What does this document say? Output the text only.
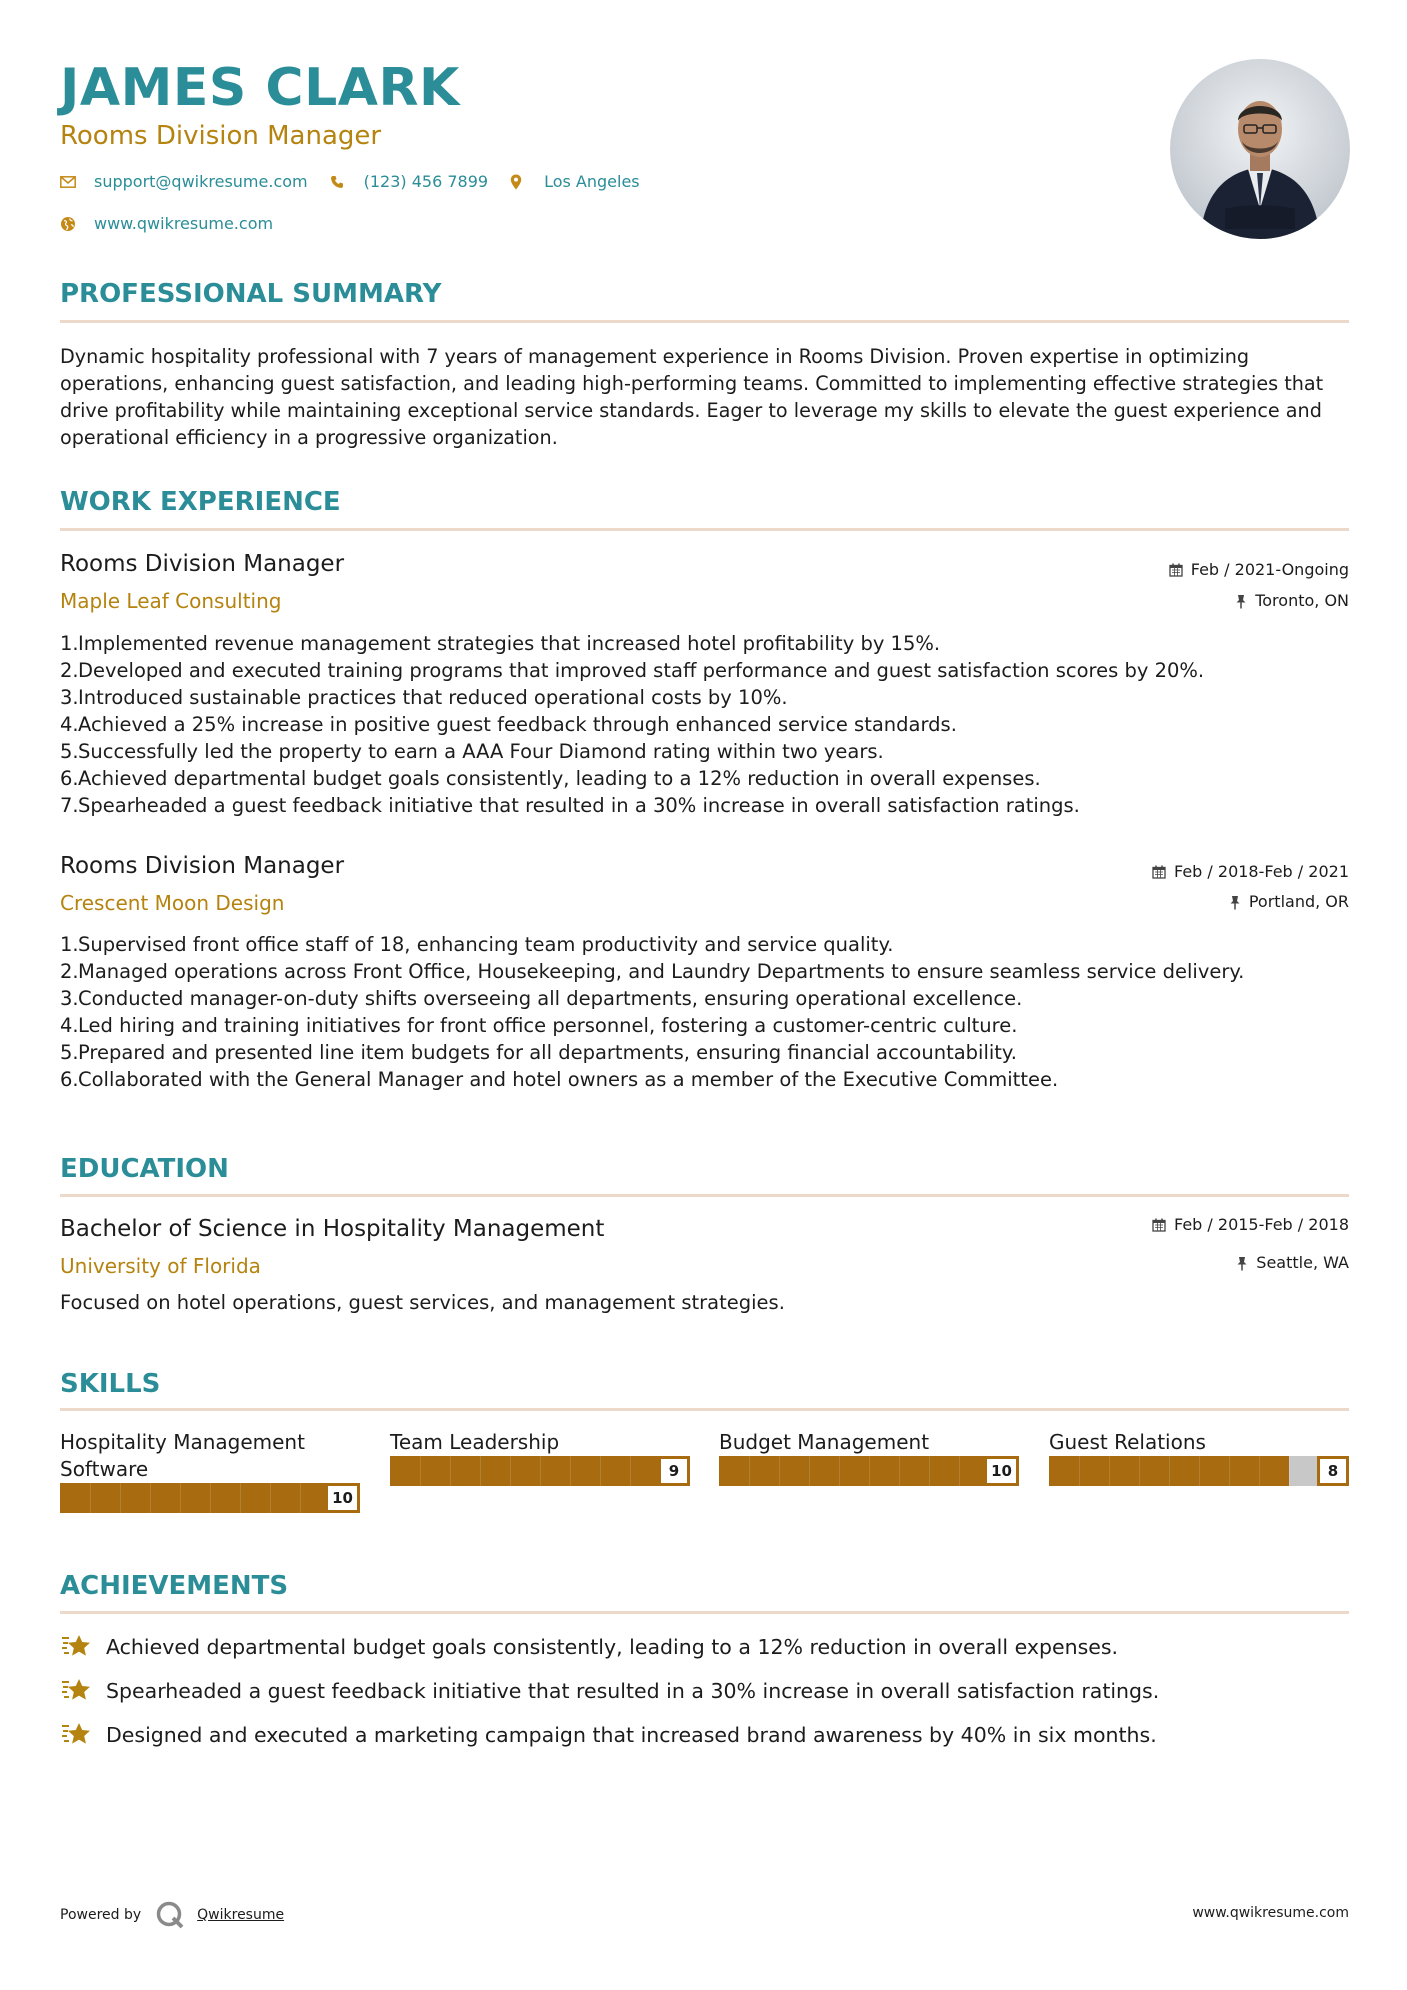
JAMES CLARK
Rooms Division Manager
support@qwikresume.com	(123) 456 7899	Los Angeles
www.qwikresume.com
PROFESSIONAL SUMMARY
Dynamic hospitality professional with 7 years of management experience in Rooms Division. Proven expertise in optimizing operations, enhancing guest satisfaction, and leading high-performing teams. Committed to implementing effective strategies that drive profitability while maintaining exceptional service standards. Eager to leverage my skills to elevate the guest experience and operational efficiency in a progressive organization.
WORK EXPERIENCE
Rooms Division Manager
Maple Leaf Consulting
Feb / 2021-Ongoing
Toronto, ON
1. Implemented revenue management strategies that increased hotel profitability by 15%.
2. Developed and executed training programs that improved staff performance and guest satisfaction scores by 20%.
3. Introduced sustainable practices that reduced operational costs by 10%.
4. Achieved a 25% increase in positive guest feedback through enhanced service standards.
5. Successfully led the property to earn a AAA Four Diamond rating within two years.
6. Achieved departmental budget goals consistently, leading to a 12% reduction in overall expenses.
7. Spearheaded a guest feedback initiative that resulted in a 30% increase in overall satisfaction ratings.
Rooms Division Manager
Crescent Moon Design
Feb / 2018-Feb / 2021
Portland, OR
1. Supervised front office staff of 18, enhancing team productivity and service quality.
2. Managed operations across Front Office, Housekeeping, and Laundry Departments to ensure seamless service delivery.
3. Conducted manager-on-duty shifts overseeing all departments, ensuring operational excellence.
4. Led hiring and training initiatives for front office personnel, fostering a customer-centric culture.
5. Prepared and presented line item budgets for all departments, ensuring financial accountability.
6. Collaborated with the General Manager and hotel owners as a member of the Executive Committee.
EDUCATION
Bachelor of Science in Hospitality Management
University of Florida
Feb / 2015-Feb / 2018
Seattle, WA
Focused on hotel operations, guest services, and management strategies.
SKILLS
Hospitality Management Software
10
Team Leadership
9
Budget Management
10
Guest Relations
8
ACHIEVEMENTS
Achieved departmental budget goals consistently, leading to a 12% reduction in overall expenses.
Spearheaded a guest feedback initiative that resulted in a 30% increase in overall satisfaction ratings.
Designed and executed a marketing campaign that increased brand awareness by 40% in six months.
Powered by	Qwikresume	www.qwikresume.com
